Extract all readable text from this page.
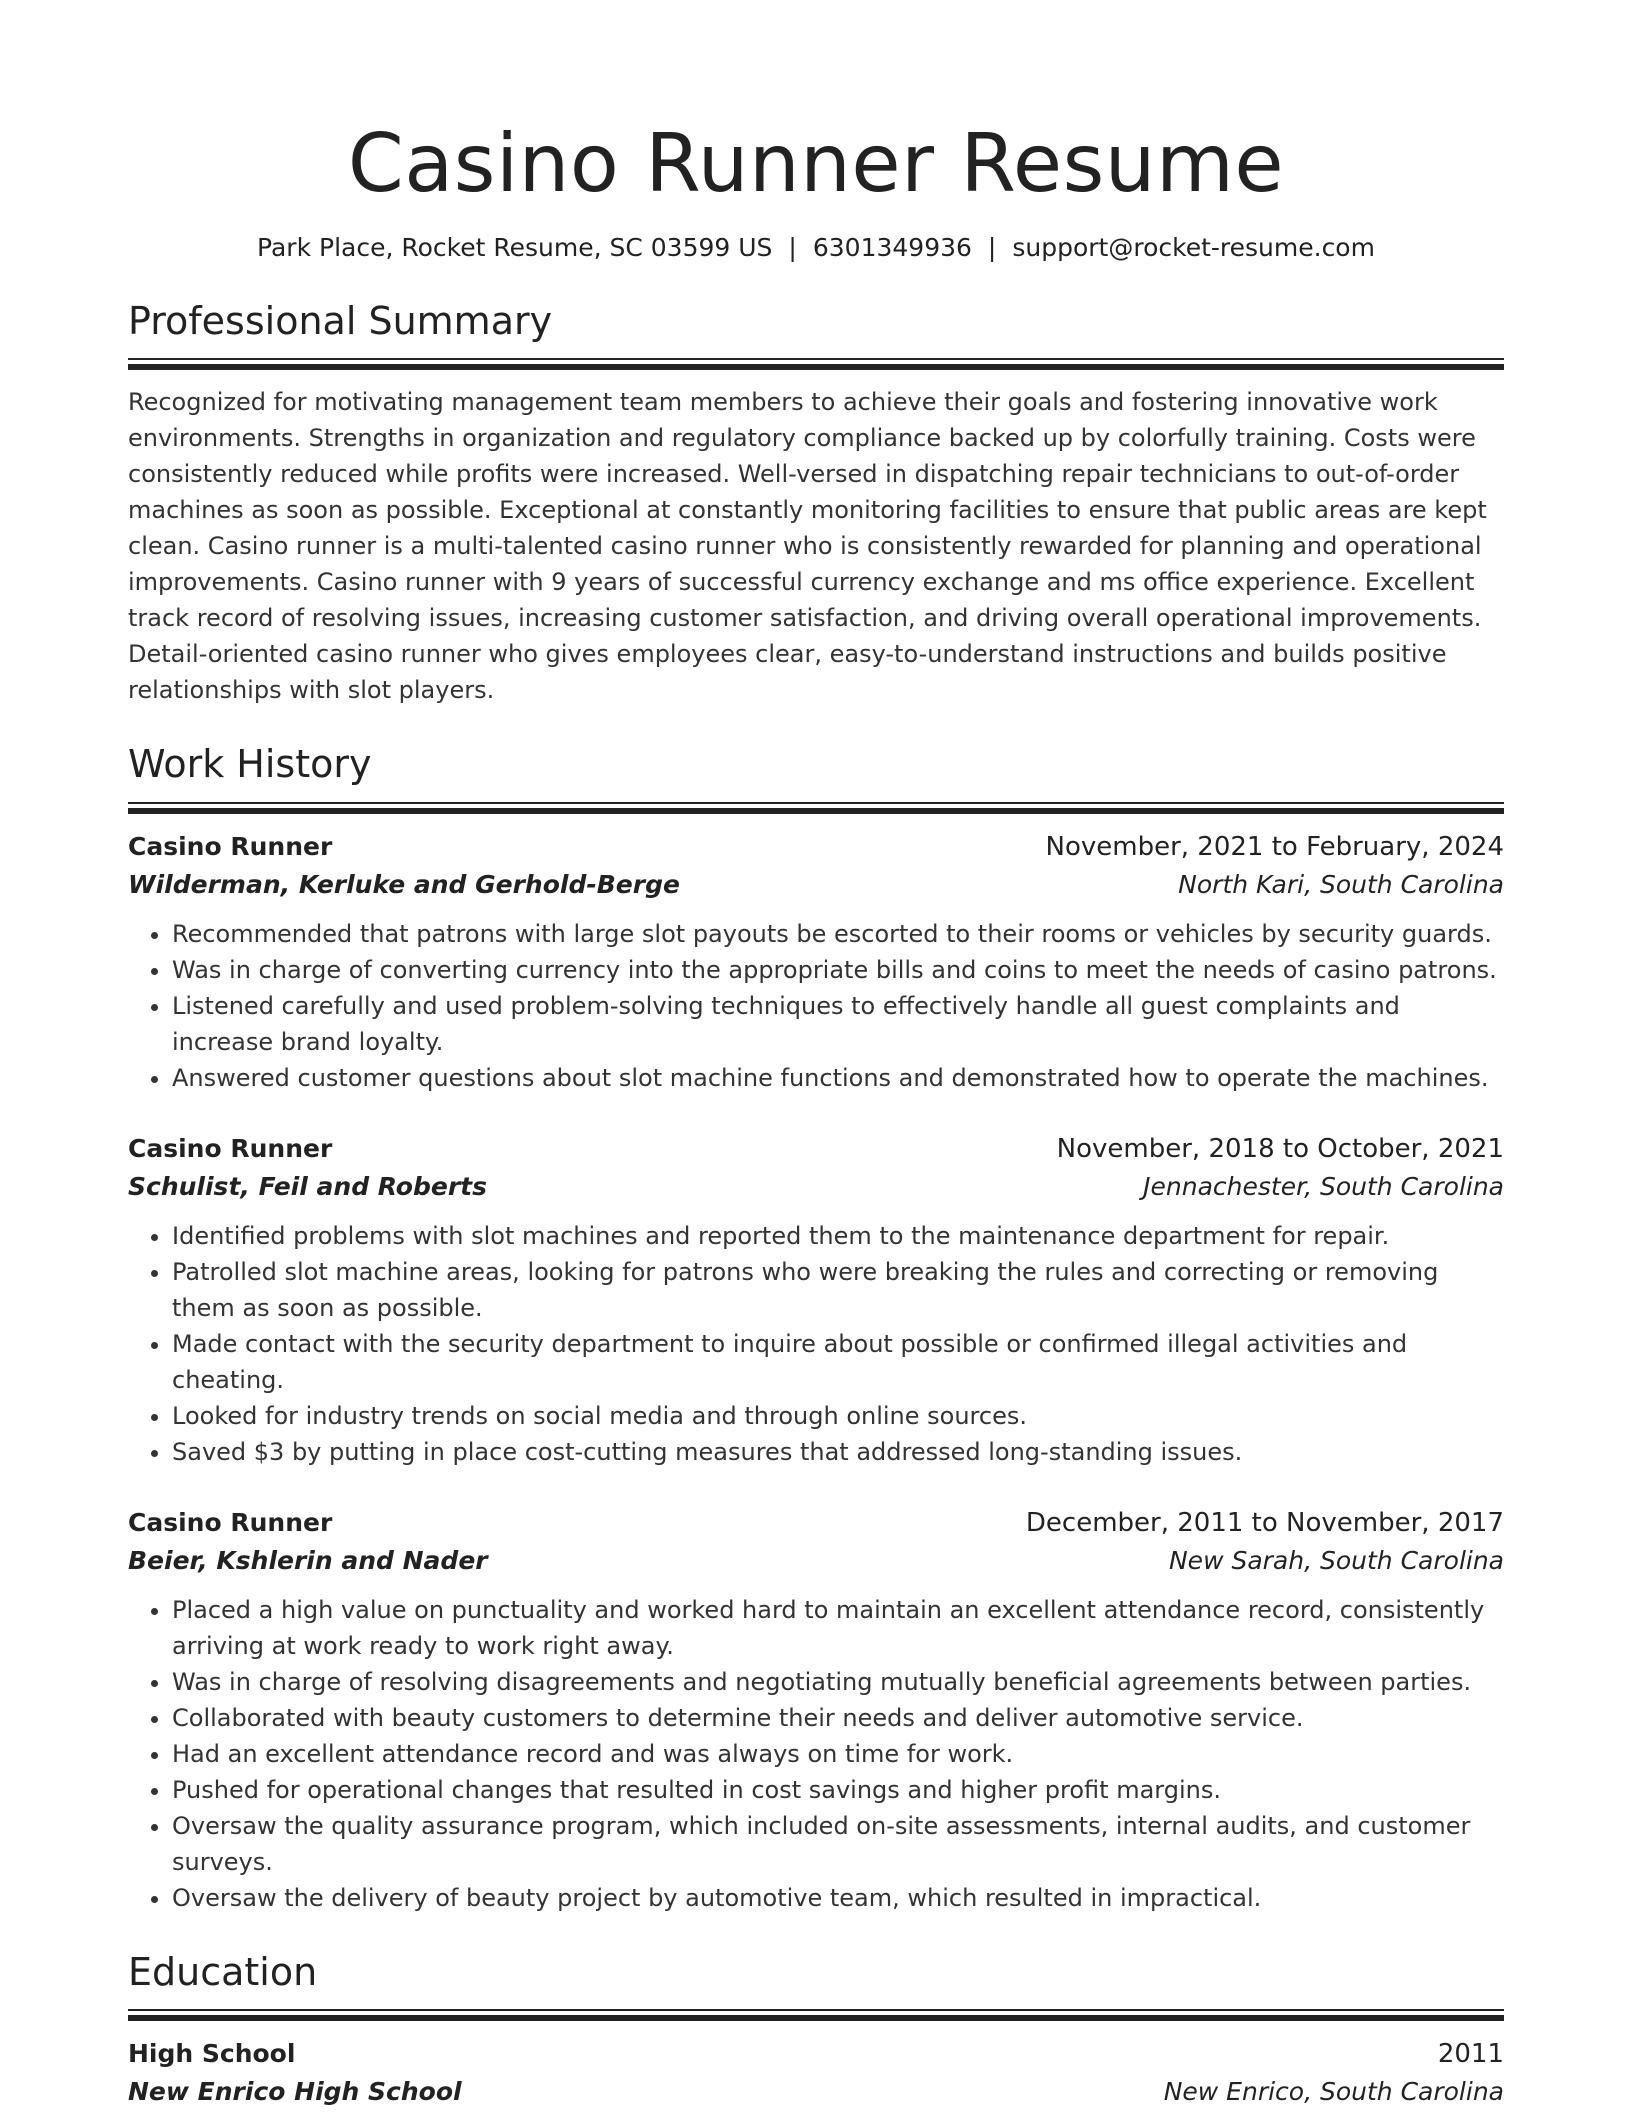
Casino Runner Resume
Park Place, Rocket Resume, SC 03599 US | 6301349936 | support@rocket-resume.com
Professional Summary

Recognized for motivating management team members to achieve their goals and fostering innovative work environments. Strengths in organization and regulatory compliance backed up by colorfully training. Costs were consistently reduced while profits were increased. Well-versed in dispatching repair technicians to out-of-order machines as soon as possible. Exceptional at constantly monitoring facilities to ensure that public areas are kept clean. Casino runner is a multi-talented casino runner who is consistently rewarded for planning and operational improvements. Casino runner with 9 years of successful currency exchange and ms office experience. Excellent track record of resolving issues, increasing customer satisfaction, and driving overall operational improvements. Detail-oriented casino runner who gives employees clear, easy-to-understand instructions and builds positive relationships with slot players.

Work History
Casino Runner	November, 2021 to February, 2024
Wilderman, Kerluke and Gerhold-Berge	North Kari, South Carolina
• Recommended that patrons with large slot payouts be escorted to their rooms or vehicles by security guards.
• Was in charge of converting currency into the appropriate bills and coins to meet the needs of casino patrons.
• Listened carefully and used problem-solving techniques to effectively handle all guest complaints and increase brand loyalty.
• Answered customer questions about slot machine functions and demonstrated how to operate the machines.
Casino Runner	November, 2018 to October, 2021
Schulist, Feil and Roberts	Jennachester, South Carolina
• Identified problems with slot machines and reported them to the maintenance department for repair.
• Patrolled slot machine areas, looking for patrons who were breaking the rules and correcting or removing them as soon as possible.
• Made contact with the security department to inquire about possible or confirmed illegal activities and cheating.
• Looked for industry trends on social media and through online sources.
• Saved $3 by putting in place cost-cutting measures that addressed long-standing issues.
Casino Runner	December, 2011 to November, 2017
Beier, Kshlerin and Nader	New Sarah, South Carolina
• Placed a high value on punctuality and worked hard to maintain an excellent attendance record, consistently arriving at work ready to work right away.
• Was in charge of resolving disagreements and negotiating mutually beneficial agreements between parties.
• Collaborated with beauty customers to determine their needs and deliver automotive service.
• Had an excellent attendance record and was always on time for work.
• Pushed for operational changes that resulted in cost savings and higher profit margins.
• Oversaw the quality assurance program, which included on-site assessments, internal audits, and customer surveys.
• Oversaw the delivery of beauty project by automotive team, which resulted in impractical.
Education
High School	2011
New Enrico High School	New Enrico, South Carolina
